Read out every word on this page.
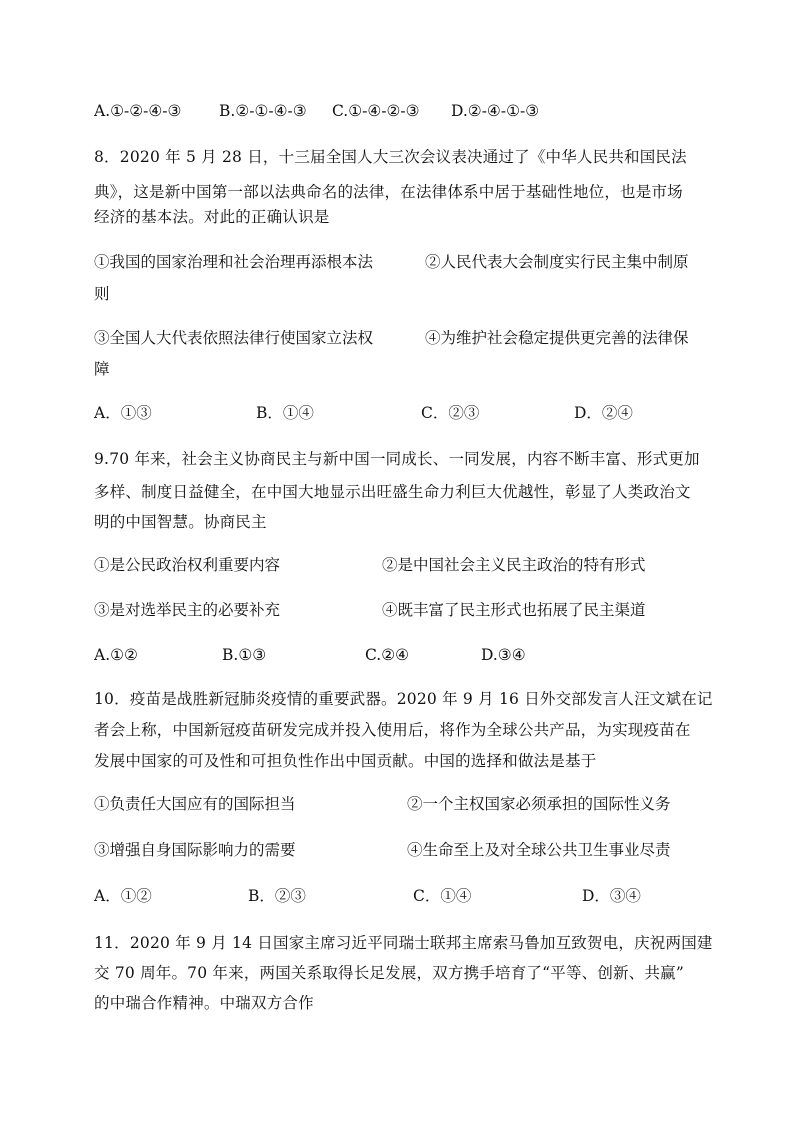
A.①-②-④-③ B.②-①-④-③ C.①-④-②-③ D.②-④-①-③
8．2020 年 5 月 28 日，十三届全国人大三次会议表决通过了《中华人民共和国民法
典》，这是新中国第一部以法典命名的法律，在法律体系中居于基础性地位，也是市场
经济的基本法。对此的正确认识是
①我国的国家治理和社会治理再添根本法	②人民代表大会制度实行民主集中制原
则
③全国人大代表依照法律行使国家立法权	④为维护社会稳定提供更完善的法律保
障
A．①③	B．①④	C．②③	D．②④
9.70 年来，社会主义协商民主与新中国一同成长、一同发展，内容不断丰富、形式更加
多样、制度日益健全，在中国大地显示出旺盛生命力利巨大优越性，彰显了人类政治文
明的中国智慧。协商民主
①是公民政治权利重要内容	②是中国社会主义民主政治的特有形式
③是对选举民主的必要补充	④既丰富了民主形式也拓展了民主渠道
A.①②	B.①③	C.②④	D.③④
10．疫苗是战胜新冠肺炎疫情的重要武器。2020 年 9 月 16 日外交部发言人汪文斌在记
者会上称，中国新冠疫苗研发完成并投入使用后，将作为全球公共产品，为实现疫苗在
发展中国家的可及性和可担负性作出中国贡献。中国的选择和做法是基于
①负责任大国应有的国际担当	②一个主权国家必须承担的国际性义务
③增强自身国际影响力的需要	④生命至上及对全球公共卫生事业尽责
A．①②	B．②③	C．①④	D．③④
11．2020 年 9 月 14 日国家主席习近平同瑞士联邦主席索马鲁加互致贺电，庆祝两国建
交 70 周年。70 年来，两国关系取得长足发展，双方携手培育了“平等、创新、共赢”
的中瑞合作精神。中瑞双方合作
